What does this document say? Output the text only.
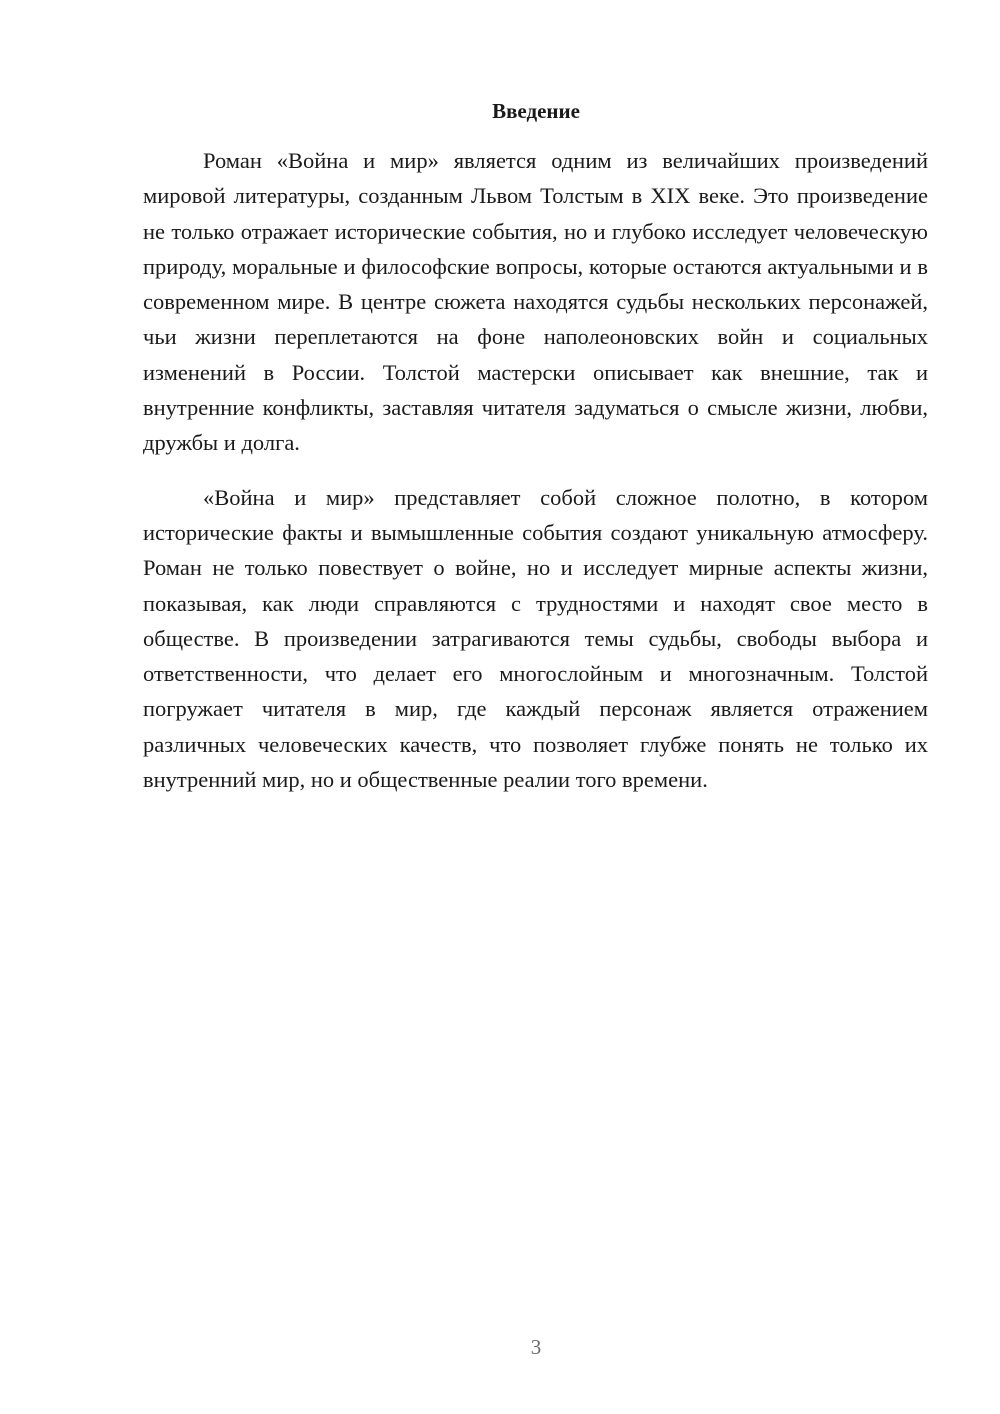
Введение

Роман «Война и мир» является одним из величайших произведений мировой литературы, созданным Львом Толстым в XIX веке. Это произведение не только отражает исторические события, но и глубоко исследует человеческую природу, моральные и философские вопросы, которые остаются актуальными и в современном мире. В центре сюжета находятся судьбы нескольких персонажей, чьи жизни переплетаются на фоне наполеоновских войн и социальных изменений в России. Толстой мастерски описывает как внешние, так и внутренние конфликты, заставляя читателя задуматься о смысле жизни, любви, дружбы и долга.

«Война и мир» представляет собой сложное полотно, в котором исторические факты и вымышленные события создают уникальную атмосферу. Роман не только повествует о войне, но и исследует мирные аспекты жизни, показывая, как люди справляются с трудностями и находят свое место в обществе. В произведении затрагиваются темы судьбы, свободы выбора и ответственности, что делает его многослойным и многозначным. Толстой погружает читателя в мир, где каждый персонаж является отражением различных человеческих качеств, что позволяет глубже понять не только их внутренний мир, но и общественные реалии того времени.

3
